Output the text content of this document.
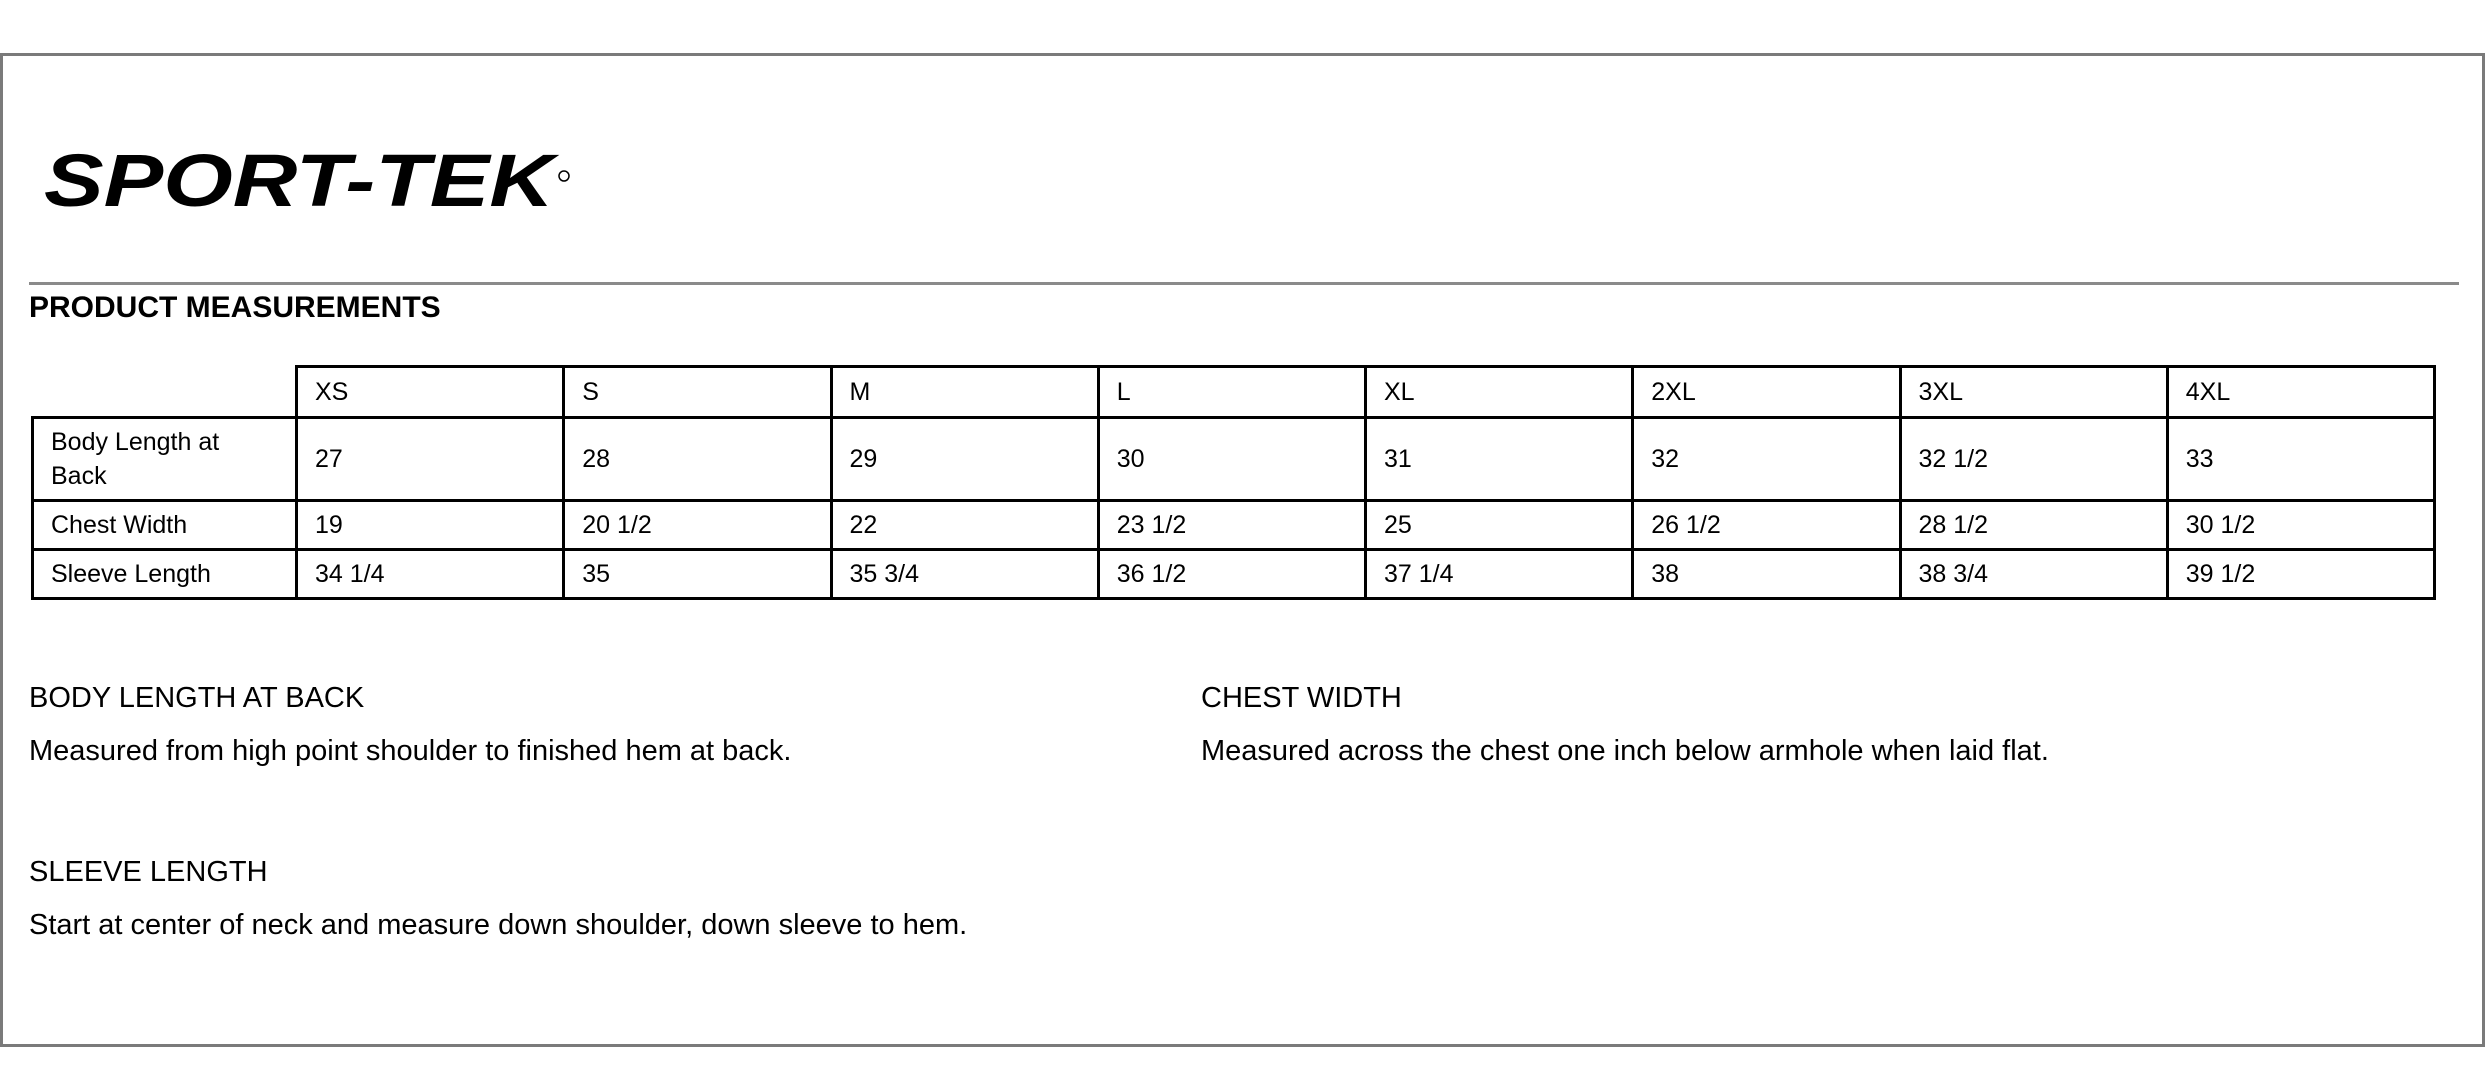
SPORT-TEK
PRODUCT MEASUREMENTS
	XS	S	M	L	XL	2XL	3XL	4XL
Body Length at Back	27	28	29	30	31	32	32 1/2	33
Chest Width	19	20 1/2	22	23 1/2	25	26 1/2	28 1/2	30 1/2
Sleeve Length	34 1/4	35	35 3/4	36 1/2	37 1/4	38	38 3/4	39 1/2
BODY LENGTH AT BACK
Measured from high point shoulder to finished hem at back.
CHEST WIDTH
Measured across the chest one inch below armhole when laid flat.
SLEEVE LENGTH
Start at center of neck and measure down shoulder, down sleeve to hem.
